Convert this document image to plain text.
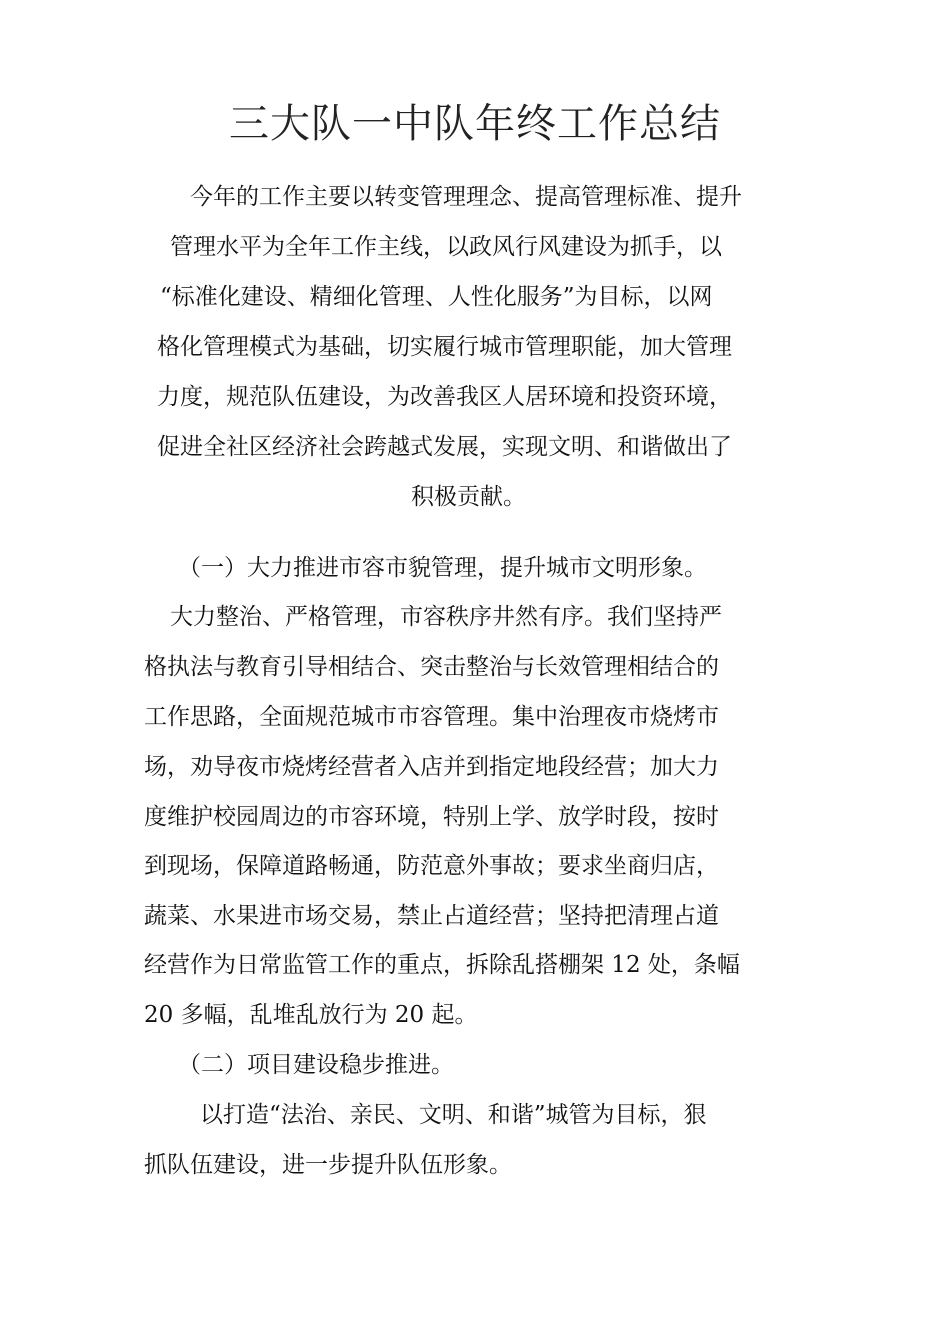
三大队一中队年终工作总结
今年的工作主要以转变管理理念、提高管理标准、提升
管理水平为全年工作主线，以政风行风建设为抓手，以
“标准化建设、精细化管理、人性化服务”为目标，以网
格化管理模式为基础，切实履行城市管理职能，加大管理
力度，规范队伍建设，为改善我区人居环境和投资环境，
促进全社区经济社会跨越式发展，实现文明、和谐做出了
积极贡献。
（一）大力推进市容市貌管理，提升城市文明形象。
大力整治、严格管理，市容秩序井然有序。我们坚持严
格执法与教育引导相结合、突击整治与长效管理相结合的
工作思路，全面规范城市市容管理。集中治理夜市烧烤市
场，劝导夜市烧烤经营者入店并到指定地段经营；加大力
度维护校园周边的市容环境，特别上学、放学时段，按时
到现场，保障道路畅通，防范意外事故；要求坐商归店，
蔬菜、水果进市场交易，禁止占道经营；坚持把清理占道
经营作为日常监管工作的重点，拆除乱搭棚架 12 处，条幅
20 多幅，乱堆乱放行为 20 起。
（二）项目建设稳步推进。
以打造“法治、亲民、文明、和谐”城管为目标，狠
抓队伍建设，进一步提升队伍形象。
